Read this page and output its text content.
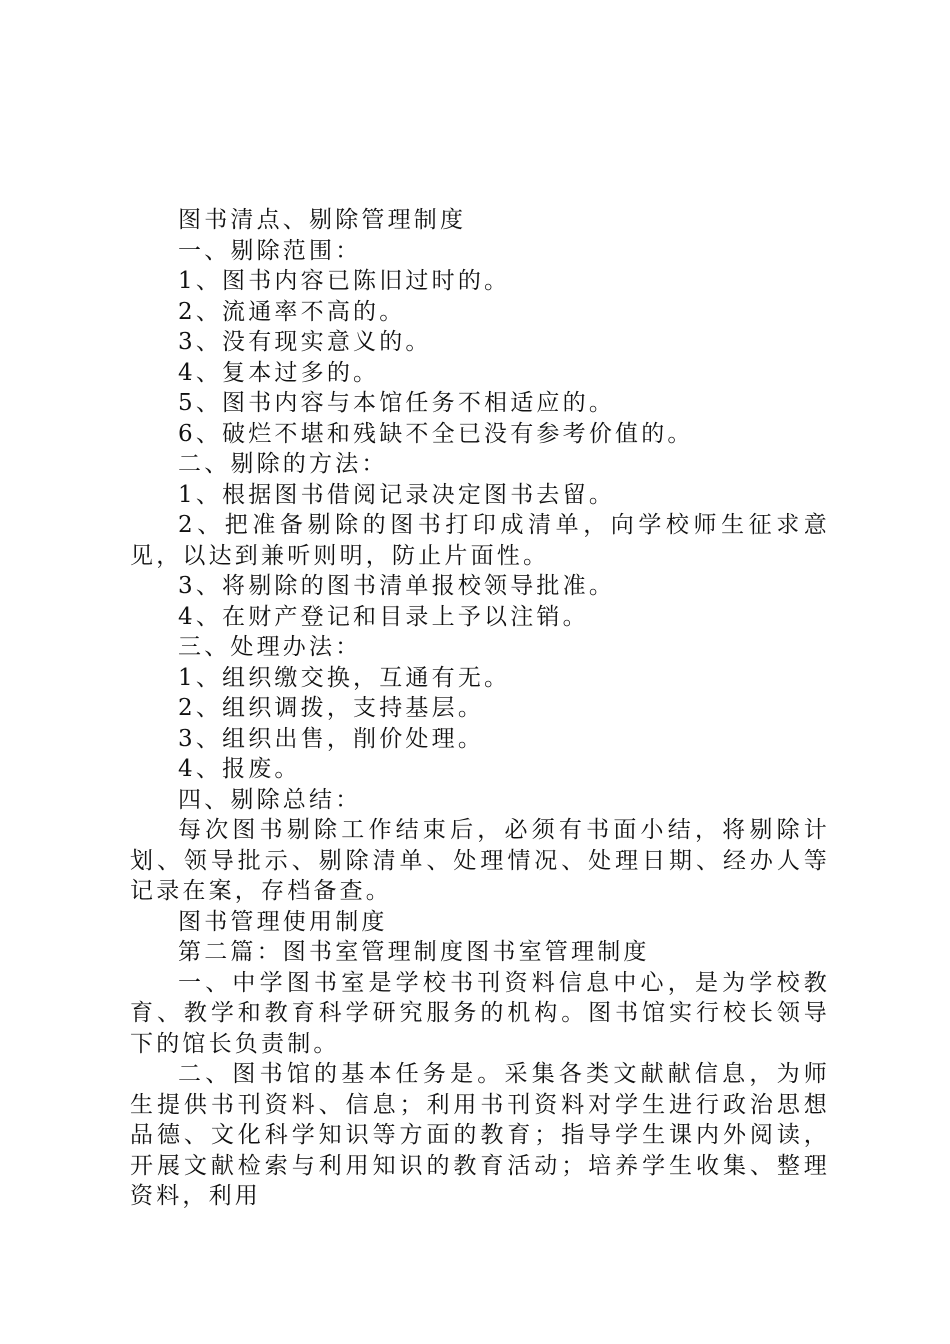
图书清点、剔除管理制度

一、剔除范围：

1、图书内容已陈旧过时的。

2、流通率不高的。

3、没有现实意义的。

4、复本过多的。

5、图书内容与本馆任务不相适应的。

6、破烂不堪和残缺不全已没有参考价值的。

二、剔除的方法：

1、根据图书借阅记录决定图书去留。

2、把准备剔除的图书打印成清单，向学校师生征求意见，以达到兼听则明，防止片面性。

3、将剔除的图书清单报校领导批准。

4、在财产登记和目录上予以注销。

三、处理办法：

1、组织缴交换，互通有无。

2、组织调拨，支持基层。

3、组织出售，削价处理。

4、报废。

四、剔除总结：

每次图书剔除工作结束后，必须有书面小结，将剔除计划、领导批示、剔除清单、处理情况、处理日期、经办人等记录在案，存档备查。

图书管理使用制度

第二篇：图书室管理制度图书室管理制度

一、中学图书室是学校书刊资料信息中心，是为学校教育、教学和教育科学研究服务的机构。图书馆实行校长领导下的馆长负责制。

二、图书馆的基本任务是。采集各类文献献信息，为师生提供书刊资料、信息；利用书刊资料对学生进行政治思想品德、文化科学知识等方面的教育；指导学生课内外阅读，开展文献检索与利用知识的教育活动；培养学生收集、整理资料，利用
